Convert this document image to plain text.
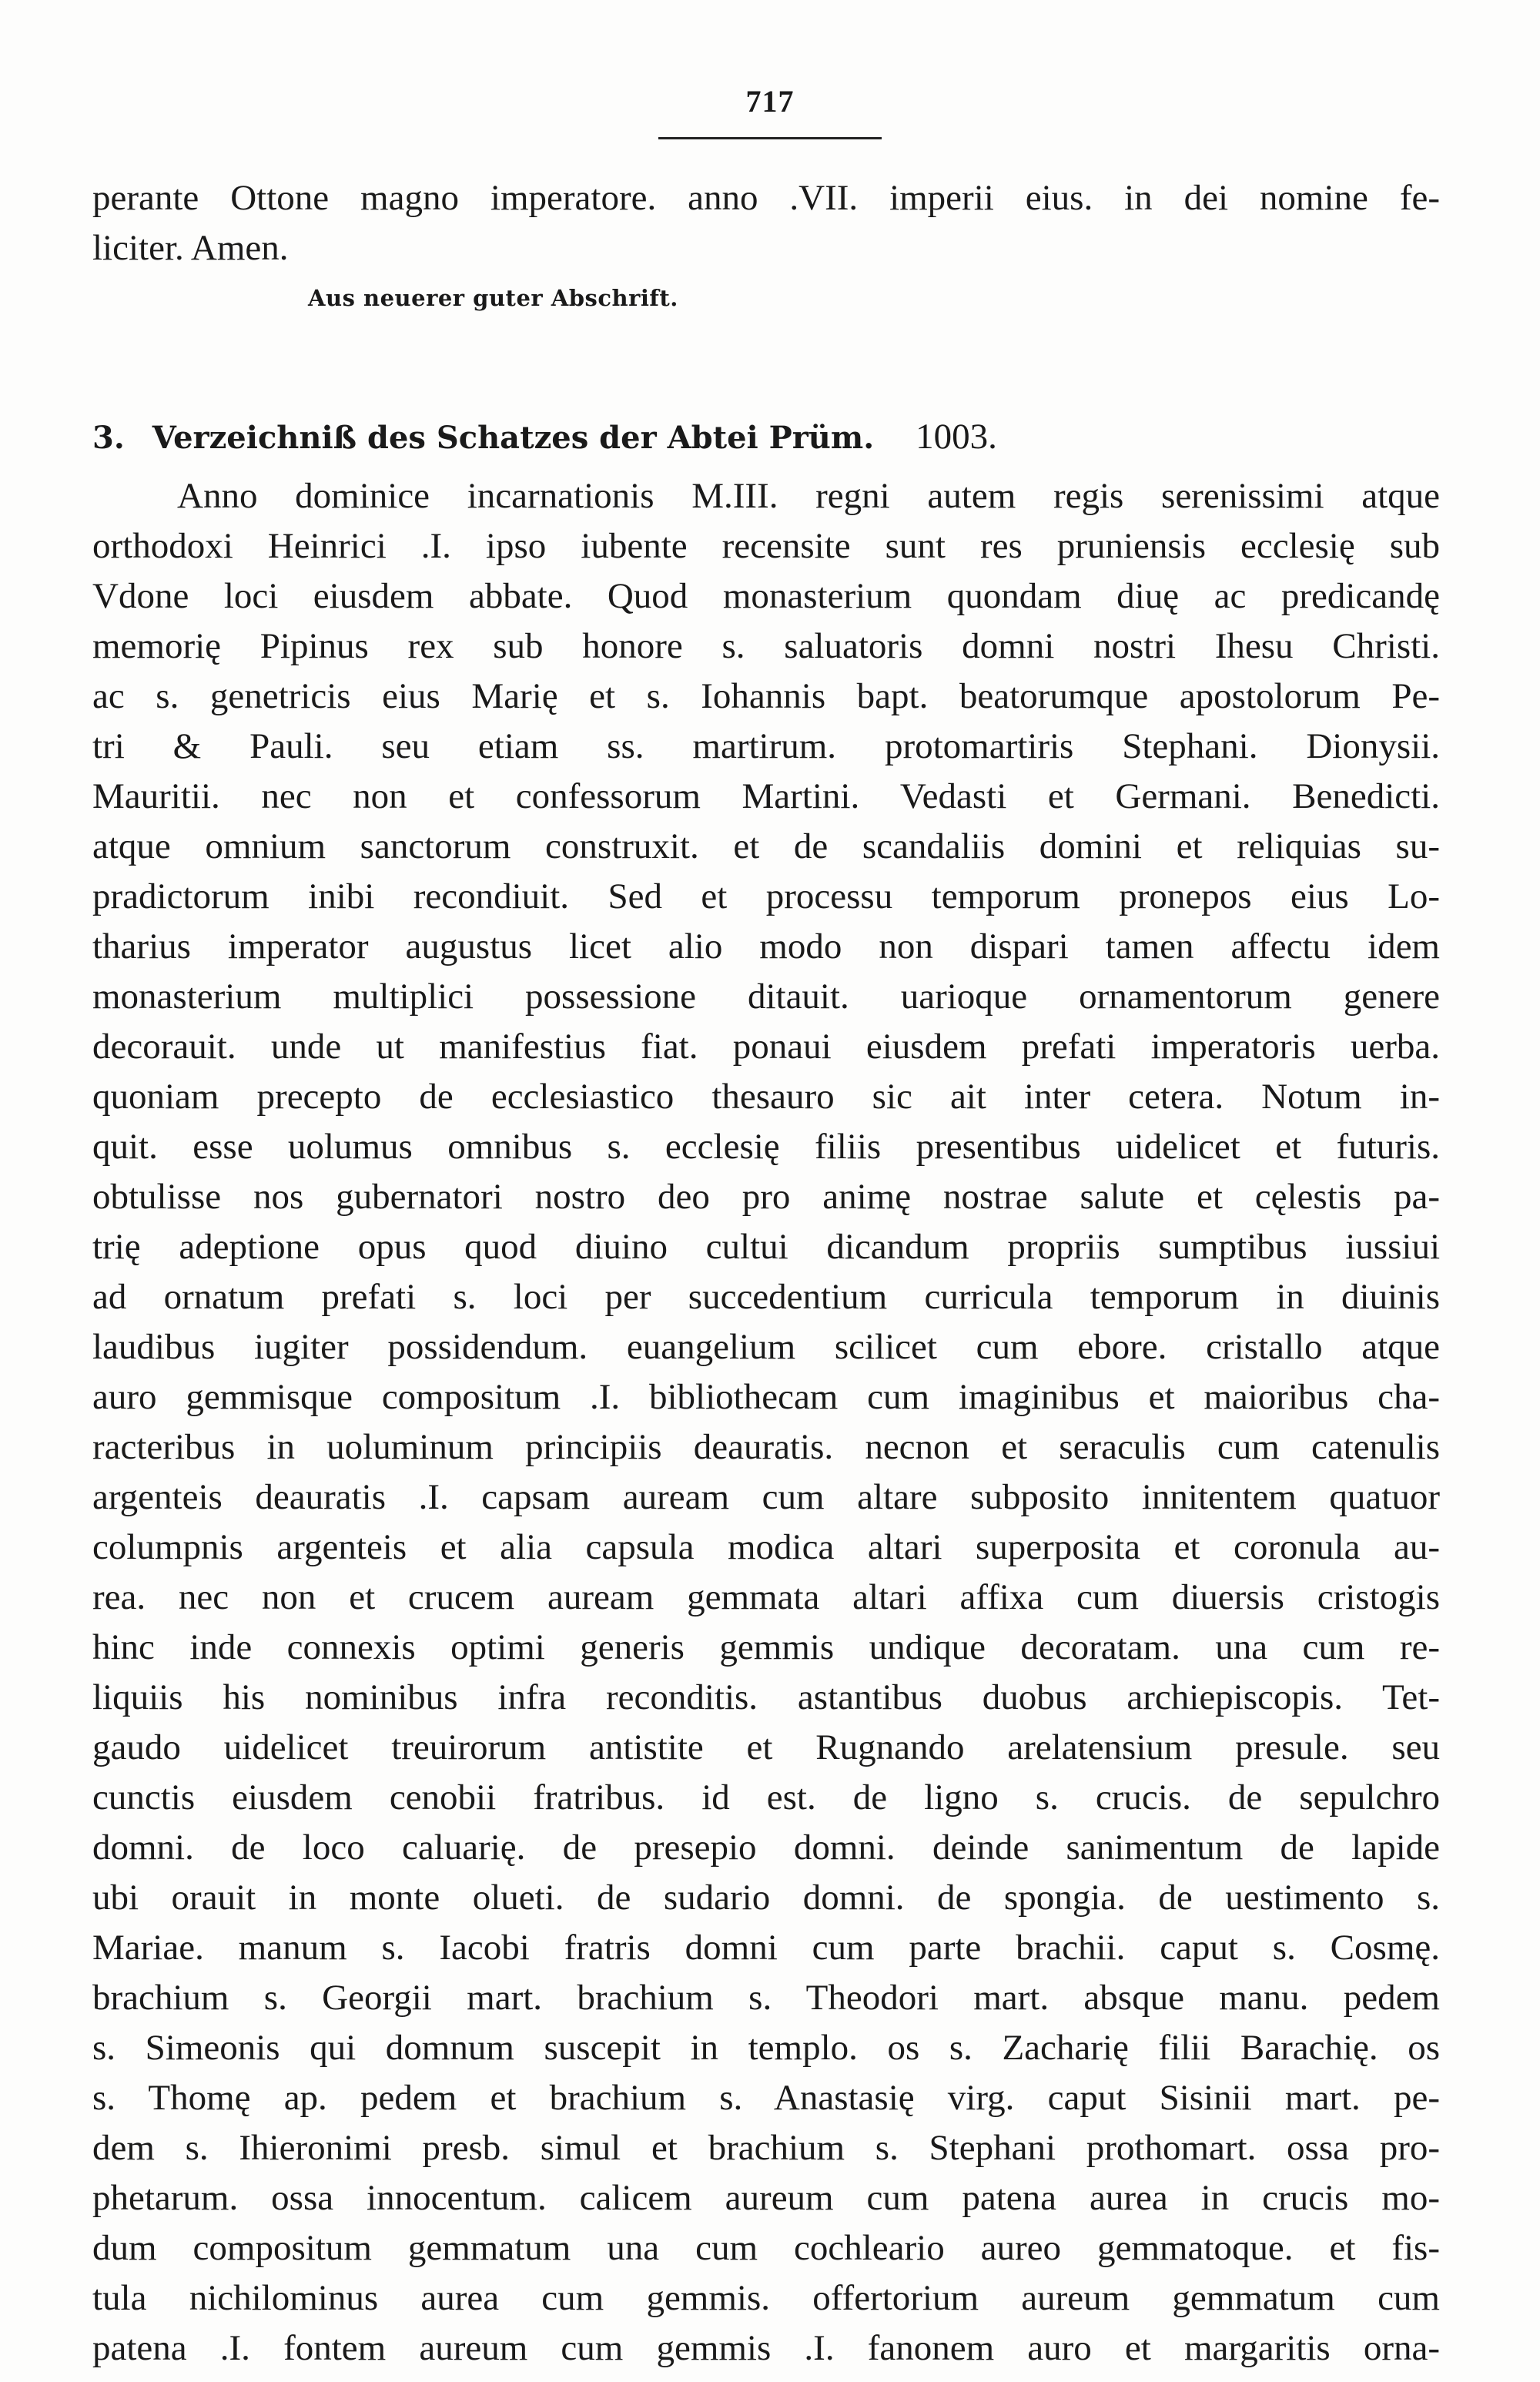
717
perante Ottone magno imperatore. anno .VII. imperii eius. in dei nomine fe-
liciter. Amen.
Aus neuerer guter Abschrift.
3. Verzeichniß des Schatzes der Abtei Prüm. 1003.
Anno dominice incarnationis M.III. regni autem regis serenissimi atque
orthodoxi Heinrici .I. ipso iubente recensite sunt res pruniensis ecclesię sub
Vdone loci eiusdem abbate. Quod monasterium quondam diuę ac predicandę
memorię Pipinus rex sub honore s. saluatoris domni nostri Ihesu Christi.
ac s. genetricis eius Marię et s. Iohannis bapt. beatorumque apostolorum Pe-
tri & Pauli. seu etiam ss. martirum. protomartiris Stephani. Dionysii.
Mauritii. nec non et confessorum Martini. Vedasti et Germani. Benedicti.
atque omnium sanctorum construxit. et de scandaliis domini et reliquias su-
pradictorum inibi recondiuit. Sed et processu temporum pronepos eius Lo-
tharius imperator augustus licet alio modo non dispari tamen affectu idem
monasterium multiplici possessione ditauit. uarioque ornamentorum genere
decorauit. unde ut manifestius fiat. ponaui eiusdem prefati imperatoris uerba.
quoniam precepto de ecclesiastico thesauro sic ait inter cetera. Notum in-
quit. esse uolumus omnibus s. ecclesię filiis presentibus uidelicet et futuris.
obtulisse nos gubernatori nostro deo pro animę nostrae salute et cęlestis pa-
trię adeptione opus quod diuino cultui dicandum propriis sumptibus iussiui
ad ornatum prefati s. loci per succedentium curricula temporum in diuinis
laudibus iugiter possidendum. euangelium scilicet cum ebore. cristallo atque
auro gemmisque compositum .I. bibliothecam cum imaginibus et maioribus cha-
racteribus in uoluminum principiis deauratis. necnon et seraculis cum catenulis
argenteis deauratis .I. capsam auream cum altare subposito innitentem quatuor
columpnis argenteis et alia capsula modica altari superposita et coronula au-
rea. nec non et crucem auream gemmata altari affixa cum diuersis cristogis
hinc inde connexis optimi generis gemmis undique decoratam. una cum re-
liquiis his nominibus infra reconditis. astantibus duobus archiepiscopis. Tet-
gaudo uidelicet treuirorum antistite et Rugnando arelatensium presule. seu
cunctis eiusdem cenobii fratribus. id est. de ligno s. crucis. de sepulchro
domni. de loco caluarię. de presepio domni. deinde sanimentum de lapide
ubi orauit in monte olueti. de sudario domni. de spongia. de uestimento s.
Mariae. manum s. Iacobi fratris domni cum parte brachii. caput s. Cosmę.
brachium s. Georgii mart. brachium s. Theodori mart. absque manu. pedem
s. Simeonis qui domnum suscepit in templo. os s. Zacharię filii Barachię. os
s. Thomę ap. pedem et brachium s. Anastasię virg. caput Sisinii mart. pe-
dem s. Ihieronimi presb. simul et brachium s. Stephani prothomart. ossa pro-
phetarum. ossa innocentum. calicem aureum cum patena aurea in crucis mo-
dum compositum gemmatum una cum cochleario aureo gemmatoque. et fis-
tula nichilominus aurea cum gemmis. offertorium aureum gemmatum cum
patena .I. fontem aureum cum gemmis .I. fanonem auro et margaritis orna-
